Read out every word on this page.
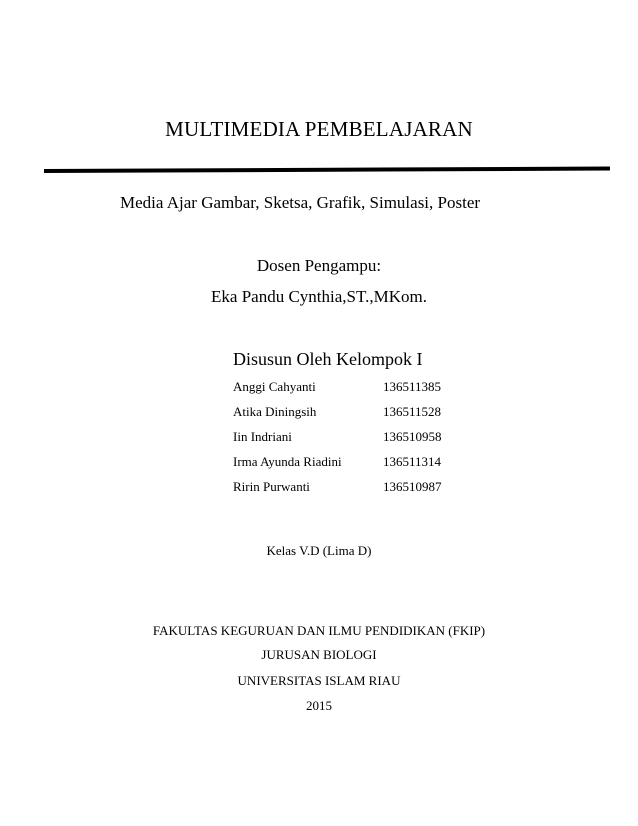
MULTIMEDIA PEMBELAJARAN
Media Ajar Gambar, Sketsa, Grafik, Simulasi, Poster
Dosen Pengampu:
Eka Pandu Cynthia,ST.,MKom.
Disusun Oleh Kelompok I
Anggi Cahyanti	136511385
Atika Diningsih	136511528
Iin Indriani	136510958
Irma Ayunda Riadini	136511314
Ririn Purwanti	136510987
Kelas V.D (Lima D)
FAKULTAS KEGURUAN DAN ILMU PENDIDIKAN (FKIP)
JURUSAN BIOLOGI
UNIVERSITAS ISLAM RIAU
2015
